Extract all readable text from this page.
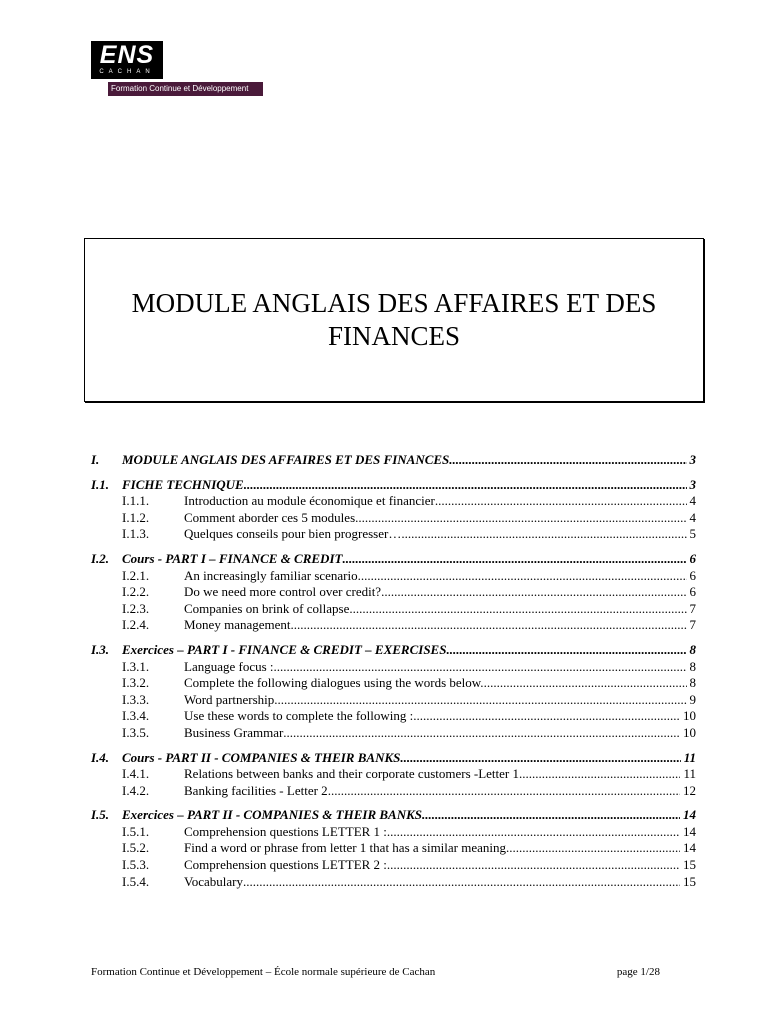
ENS
CACHAN
Formation Continue et Développement
MODULE ANGLAIS DES AFFAIRES ET DES FINANCES
I.	MODULE ANGLAIS DES AFFAIRES ET DES FINANCES .....	3
I.1. FICHE TECHNIQUE .....	3
I.1.1.	Introduction au module économique et financier .....	4
I.1.2.	Comment aborder ces 5 modules .....	4
I.1.3.	Quelques conseils pour bien progresser… .....	5
I.2. Cours - PART I – FINANCE & CREDIT .....	6
I.2.1.	An increasingly familiar scenario .....	6
I.2.2.	Do we need more control over credit? .....	6
I.2.3.	Companies on brink of collapse. .....	7
I.2.4.	Money management .....	7
I.3. Exercices – PART I - FINANCE & CREDIT – EXERCISES .....	8
I.3.1.	Language focus : .....	8
I.3.2.	Complete the following dialogues using the words below. .....	8
I.3.3.	Word partnership .....	9
I.3.4.	Use these words to complete the following : .....	10
I.3.5.	Business Grammar .....	10
I.4. Cours - PART II - COMPANIES & THEIR BANKS .....	11
I.4.1.	Relations between banks and their corporate customers -Letter 1 .....	11
I.4.2.	Banking facilities - Letter 2 .....	12
I.5. Exercices – PART II - COMPANIES & THEIR BANKS .....	14
I.5.1.	Comprehension questions LETTER 1 : .....	14
I.5.2.	Find a word or phrase from letter 1 that has a similar meaning. .....	14
I.5.3.	Comprehension questions LETTER 2 : .....	15
I.5.4.	Vocabulary .....	15
Formation Continue et Développement – École normale supérieure de Cachan	page 1/28
